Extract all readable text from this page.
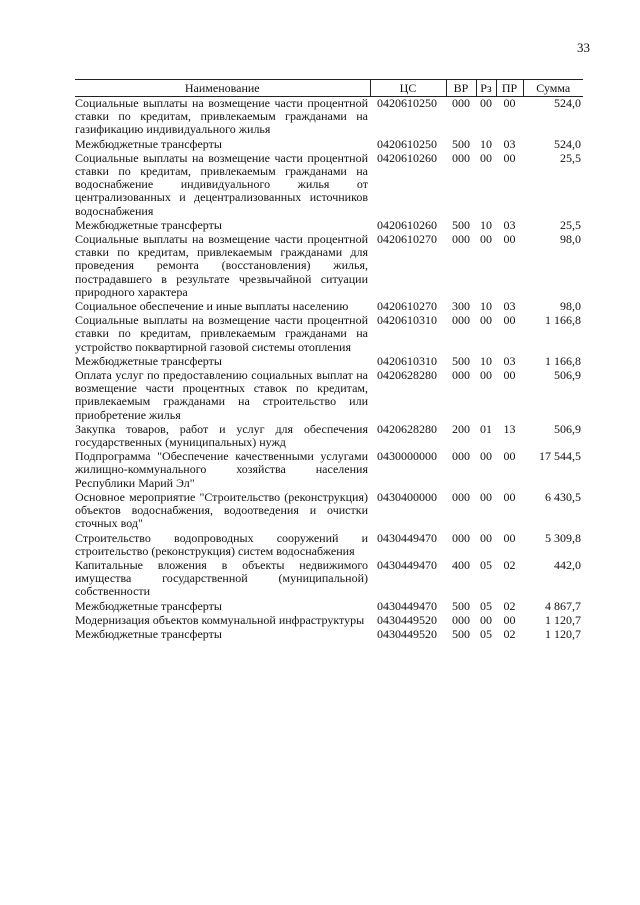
33
Наименование	ЦС	ВР	Рз	ПР	Сумма
Социальные выплаты на возмещение части процентной ставки по кредитам, привлекаемым гражданами на газификацию индивидуального жилья	0420610250	000	00	00	524,0
Межбюджетные трансферты	0420610250	500	10	03	524,0
Социальные выплаты на возмещение части процентной ставки по кредитам, привлекаемым гражданами на водоснабжение индивидуального жилья от централизованных и децентрализованных источников водоснабжения	0420610260	000	00	00	25,5
Межбюджетные трансферты	0420610260	500	10	03	25,5
Социальные выплаты на возмещение части процентной ставки по кредитам, привлекаемым гражданами для проведения ремонта (восстановления) жилья, пострадавшего в результате чрезвычайной ситуации природного характера	0420610270	000	00	00	98,0
Социальное обеспечение и иные выплаты населению	0420610270	300	10	03	98,0
Социальные выплаты на возмещение части процентной ставки по кредитам, привлекаемым гражданами на устройство поквартирной газовой системы отопления	0420610310	000	00	00	1 166,8
Межбюджетные трансферты	0420610310	500	10	03	1 166,8
Оплата услуг по предоставлению социальных выплат на возмещение части процентных ставок по кредитам, привлекаемым гражданами на строительство или приобретение жилья	0420628280	000	00	00	506,9
Закупка товаров, работ и услуг для обеспечения государственных (муниципальных) нужд	0420628280	200	01	13	506,9
Подпрограмма "Обеспечение качественными услугами жилищно-коммунального хозяйства населения Республики Марий Эл"	0430000000	000	00	00	17 544,5
Основное мероприятие "Строительство (реконструкция) объектов водоснабжения, водоотведения и очистки сточных вод"	0430400000	000	00	00	6 430,5
Строительство водопроводных сооружений и строительство (реконструкция) систем водоснабжения	0430449470	000	00	00	5 309,8
Капитальные вложения в объекты недвижимого имущества государственной (муниципальной) собственности	0430449470	400	05	02	442,0
Межбюджетные трансферты	0430449470	500	05	02	4 867,7
Модернизация объектов коммунальной инфраструктуры	0430449520	000	00	00	1 120,7
Межбюджетные трансферты	0430449520	500	05	02	1 120,7
